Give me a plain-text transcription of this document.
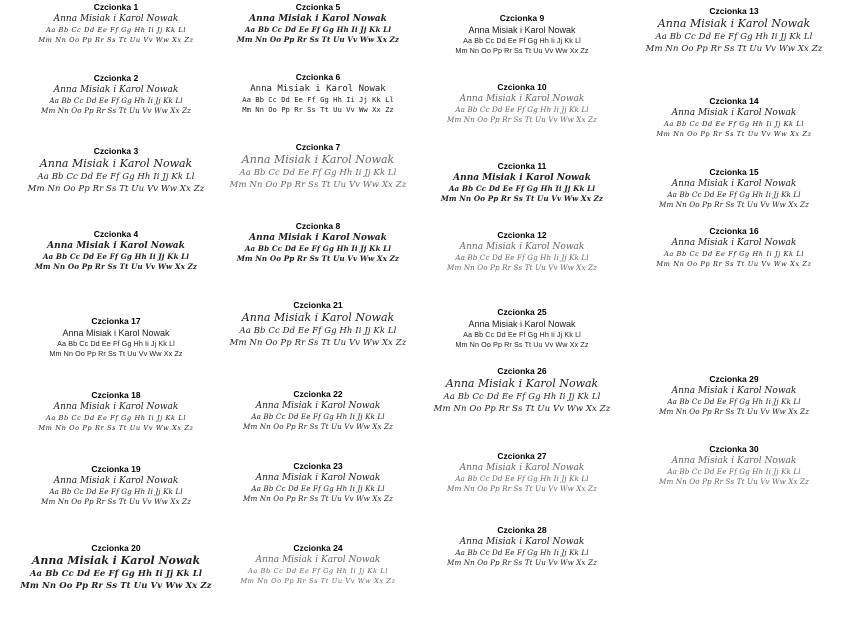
Czcionka 1
Anna Misiak i Karol Nowak
Aa Bb Cc Dd Ee Ff Gg Hh Ii Jj Kk Ll
Mm Nn Oo Pp Rr Ss Tt Uu Vv Ww Xx Zz
Czcionka 2
Anna Misiak i Karol Nowak
Aa Bb Cc Dd Ee Ff Gg Hh Ii Jj Kk Ll
Mm Nn Oo Pp Rr Ss Tt Uu Vv Ww Xx Zz
Czcionka 3
Anna Misiak i Karol Nowak
Aa Bb Cc Dd Ee Ff Gg Hh Ii Jj Kk Ll
Mm Nn Oo Pp Rr Ss Tt Uu Vv Ww Xx Zz
Czcionka 4
Anna Misiak i Karol Nowak
Aa Bb Cc Dd Ee Ff Gg Hh Ii Jj Kk Ll
Mm Nn Oo Pp Rr Ss Tt Uu Vv Ww Xx Zz
Czcionka 17
Anna Misiak i Karol Nowak
Aa Bb Cc Dd Ee Ff Gg Hh Ii Jj Kk Ll
Mm Nn Oo Pp Rr Ss Tt Uu Vv Ww Xx Zz
Czcionka 18
Anna Misiak i Karol Nowak
Aa Bb Cc Dd Ee Ff Gg Hh Ii Jj Kk Ll
Mm Nn Oo Pp Rr Ss Tt Uu Vv Ww Xx Zz
Czcionka 19
Anna Misiak i Karol Nowak
Aa Bb Cc Dd Ee Ff Gg Hh Ii Jj Kk Ll
Mm Nn Oo Pp Rr Ss Tt Uu Vv Ww Xx Zz
Czcionka 20
Anna Misiak i Karol Nowak
Aa Bb Cc Dd Ee Ff Gg Hh Ii Jj Kk Ll
Mm Nn Oo Pp Rr Ss Tt Uu Vv Ww Xx Zz
Czcionka 5
Anna Misiak i Karol Nowak
Aa Bb Cc Dd Ee Ff Gg Hh Ii Jj Kk Ll
Mm Nn Oo Pp Rr Ss Tt Uu Vv Ww Xx Zz
Czcionka 6
Anna Misiak i Karol Nowak
Aa Bb Cc Dd Ee Ff Gg Hh Ii Jj Kk Ll
Mm Nn Oo Pp Rr Ss Tt Uu Vv Ww Xx Zz
Czcionka 7
Anna Misiak i Karol Nowak
Aa Bb Cc Dd Ee Ff Gg Hh Ii Jj Kk Ll
Mm Nn Oo Pp Rr Ss Tt Uu Vv Ww Xx Zz
Czcionka 8
Anna Misiak i Karol Nowak
Aa Bb Cc Dd Ee Ff Gg Hh Ii Jj Kk Ll
Mm Nn Oo Pp Rr Ss Tt Uu Vv Ww Xx Zz
Czcionka 21
Anna Misiak i Karol Nowak
Aa Bb Cc Dd Ee Ff Gg Hh Ii Jj Kk Ll
Mm Nn Oo Pp Rr Ss Tt Uu Vv Ww Xx Zz
Czcionka 22
Anna Misiak i Karol Nowak
Aa Bb Cc Dd Ee Ff Gg Hh Ii Jj Kk Ll
Mm Nn Oo Pp Rr Ss Tt Uu Vv Ww Xx Zz
Czcionka 23
Anna Misiak i Karol Nowak
Aa Bb Cc Dd Ee Ff Gg Hh Ii Jj Kk Ll
Mm Nn Oo Pp Rr Ss Tt Uu Vv Ww Xx Zz
Czcionka 24
Anna Misiak i Karol Nowak
Aa Bb Cc Dd Ee Ff Gg Hh Ii Jj Kk Ll
Mm Nn Oo Pp Rr Ss Tt Uu Vv Ww Xx Zz
Czcionka 9
Anna Misiak i Karol Nowak
Aa Bb Cc Dd Ee Ff Gg Hh Ii Jj Kk Ll
Mm Nn Oo Pp Rr Ss Tt Uu Vv Ww Xx Zz
Czcionka 10
Anna Misiak i Karol Nowak
Aa Bb Cc Dd Ee Ff Gg Hh Ii Jj Kk Ll
Mm Nn Oo Pp Rr Ss Tt Uu Vv Ww Xx Zz
Czcionka 11
Anna Misiak i Karol Nowak
Aa Bb Cc Dd Ee Ff Gg Hh Ii Jj Kk Ll
Mm Nn Oo Pp Rr Ss Tt Uu Vv Ww Xx Zz
Czcionka 12
Anna Misiak i Karol Nowak
Aa Bb Cc Dd Ee Ff Gg Hh Ii Jj Kk Ll
Mm Nn Oo Pp Rr Ss Tt Uu Vv Ww Xx Zz
Czcionka 25
Anna Misiak i Karol Nowak
Aa Bb Cc Dd Ee Ff Gg Hh Ii Jj Kk Ll
Mm Nn Oo Pp Rr Ss Tt Uu Vv Ww Xx Zz
Czcionka 26
Anna Misiak i Karol Nowak
Aa Bb Cc Dd Ee Ff Gg Hh Ii Jj Kk Ll
Mm Nn Oo Pp Rr Ss Tt Uu Vv Ww Xx Zz
Czcionka 27
Anna Misiak i Karol Nowak
Aa Bb Cc Dd Ee Ff Gg Hh Ii Jj Kk Ll
Mm Nn Oo Pp Rr Ss Tt Uu Vv Ww Xx Zz
Czcionka 28
Anna Misiak i Karol Nowak
Aa Bb Cc Dd Ee Ff Gg Hh Ii Jj Kk Ll
Mm Nn Oo Pp Rr Ss Tt Uu Vv Ww Xx Zz
Czcionka 13
Anna Misiak i Karol Nowak
Aa Bb Cc Dd Ee Ff Gg Hh Ii Jj Kk Ll
Mm Nn Oo Pp Rr Ss Tt Uu Vv Ww Xx Zz
Czcionka 14
Anna Misiak i Karol Nowak
Aa Bb Cc Dd Ee Ff Gg Hh Ii Jj Kk Ll
Mm Nn Oo Pp Rr Ss Tt Uu Vv Ww Xx Zz
Czcionka 15
Anna Misiak i Karol Nowak
Aa Bb Cc Dd Ee Ff Gg Hh Ii Jj Kk Ll
Mm Nn Oo Pp Rr Ss Tt Uu Vv Ww Xx Zz
Czcionka 16
Anna Misiak i Karol Nowak
Aa Bb Cc Dd Ee Ff Gg Hh Ii Jj Kk Ll
Mm Nn Oo Pp Rr Ss Tt Uu Vv Ww Xx Zz
Czcionka 29
Anna Misiak i Karol Nowak
Aa Bb Cc Dd Ee Ff Gg Hh Ii Jj Kk Ll
Mm Nn Oo Pp Rr Ss Tt Uu Vv Ww Xx Zz
Czcionka 30
Anna Misiak i Karol Nowak
Aa Bb Cc Dd Ee Ff Gg Hh Ii Jj Kk Ll
Mm Nn Oo Pp Rr Ss Tt Uu Vv Ww Xx Zz
